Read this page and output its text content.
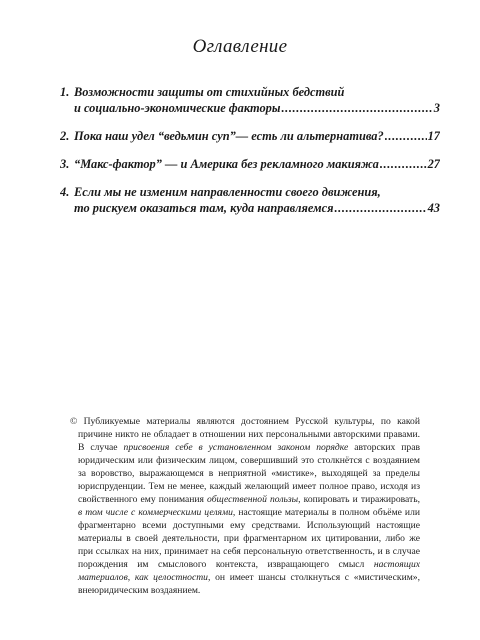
Оглавление
1. Возможности защиты от стихийных бедствий
и социально-экономические факторы .....	3
2. Пока наш удел “ведьмин суп”— есть ли альтернатива? .....	17
3. “Макс-фактор” — и Америка без рекламного макияжа .....	27
4. Если мы не изменим направленности своего движения,
то рискуем оказаться там, куда направляемся .....	43

© Публикуемые материалы являются достоянием Русской культуры, по какой причине никто не обладает в отношении них персональными авторскими правами. В случае присвоения себе в установленном законом порядке авторских прав юридическим или физическим лицом, совершивший это столкнётся с воздаянием за воровство, выражающемся в неприятной «мистике», выходящей за пределы юриспруденции. Тем не менее, каждый желающий имеет полное право, исходя из свойственного ему понимания общественной пользы, копировать и тиражировать, в том числе с коммерческими целями, настоящие материалы в полном объёме или фрагментарно всеми доступными ему средствами. Использующий настоящие материалы в своей деятельности, при фрагментарном их цитировании, либо же при ссылках на них, принимает на себя персональную ответственность, и в случае порождения им смыслового контекста, извращающего смысл настоящих материалов, как целостности, он имеет шансы столкнуться с «мистическим», внеюридическим воздаянием.
